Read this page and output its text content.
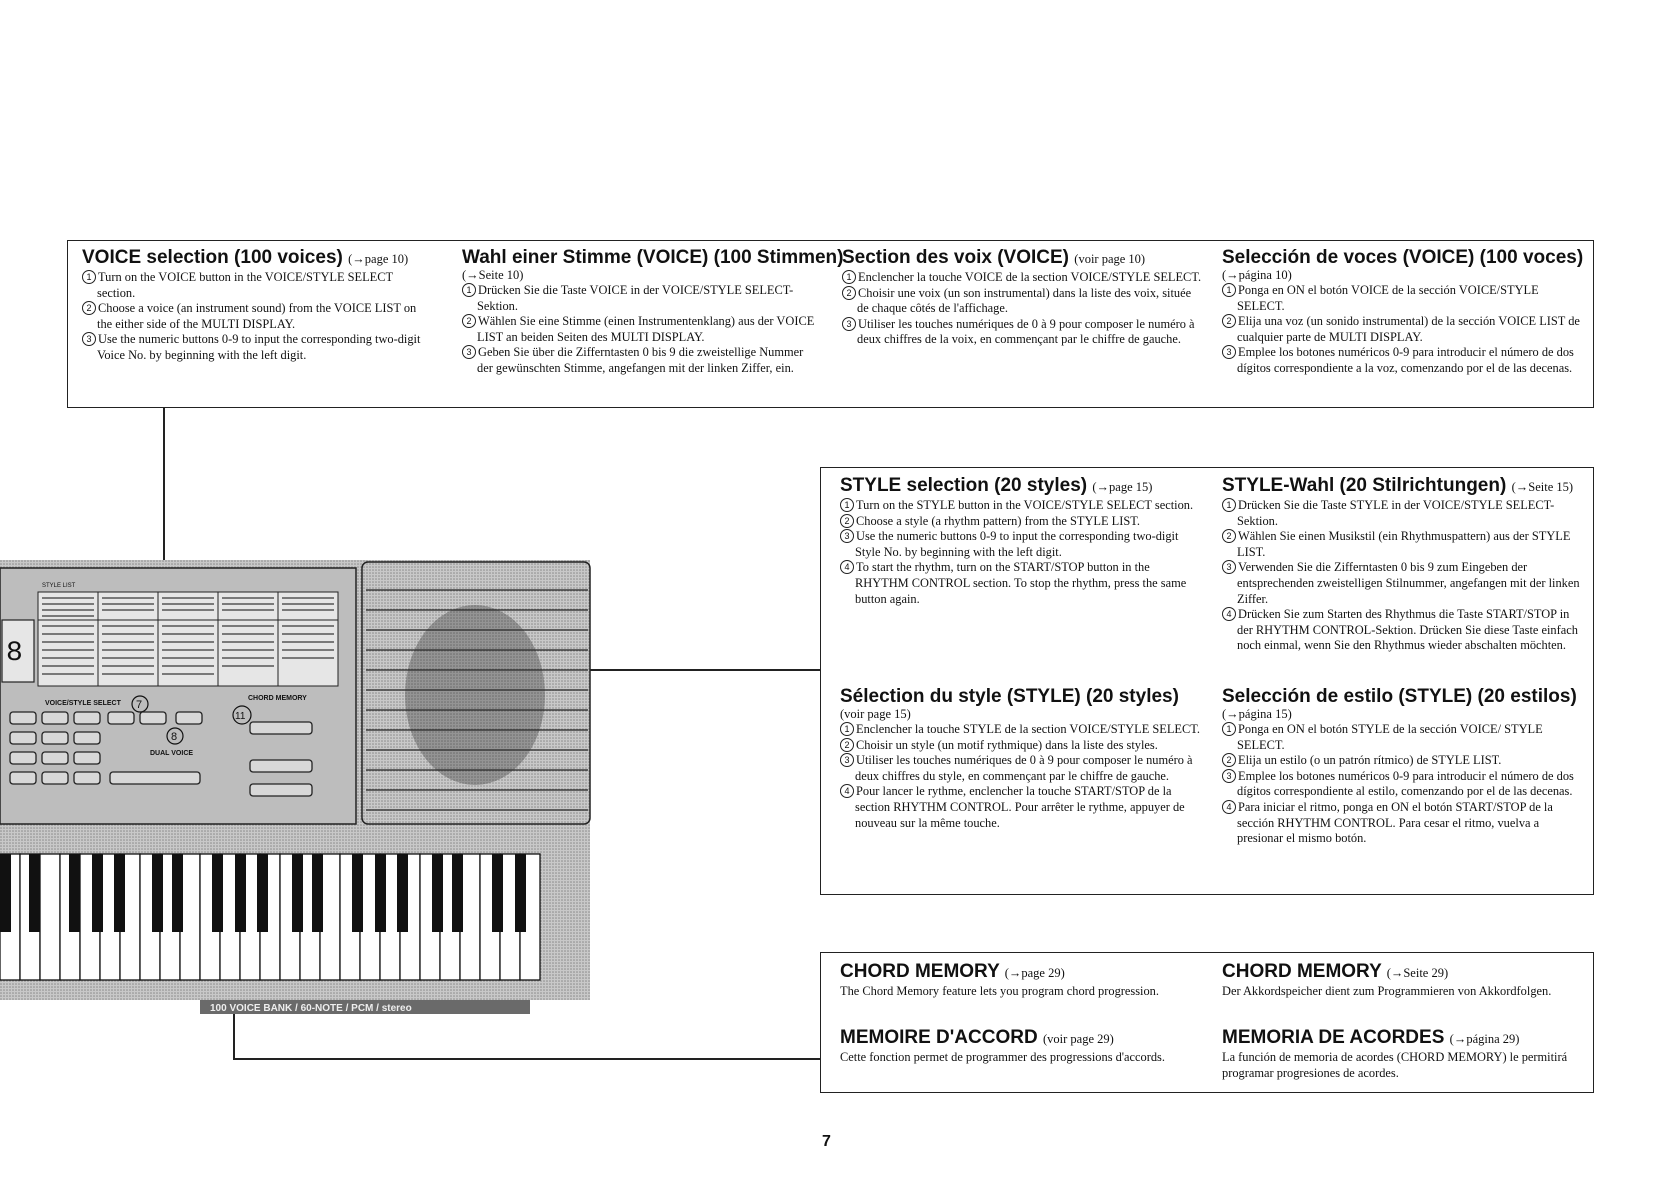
VOICE selection (100 voices) (→page 10)
1 Turn on the VOICE button in the VOICE/STYLE SELECT section.
2 Choose a voice (an instrument sound) from the VOICE LIST on the either side of the MULTI DISPLAY.
3 Use the numeric buttons 0-9 to input the corresponding two-digit Voice No. by beginning with the left digit.
Wahl einer Stimme (VOICE) (100 Stimmen)
(→Seite 10)
1 Drücken Sie die Taste VOICE in der VOICE/STYLE SELECT-Sektion.
2 Wählen Sie eine Stimme (einen Instrumentenklang) aus der VOICE LIST an beiden Seiten des MULTI DISPLAY.
3 Geben Sie über die Zifferntasten 0 bis 9 die zweistellige Nummer der gewünschten Stimme, angefangen mit der linken Ziffer, ein.
Section des voix (VOICE) (voir page 10)
1 Enclencher la touche VOICE de la section VOICE/STYLE SELECT.
2 Choisir une voix (un son instrumental) dans la liste des voix, située de chaque côtés de l'affichage.
3 Utiliser les touches numériques de 0 à 9 pour composer le numéro à deux chiffres de la voix, en commençant par le chiffre de gauche.
Selección de voces (VOICE) (100 voces)
(→página 10)
1 Ponga en ON el botón VOICE de la sección VOICE/STYLE SELECT.
2 Elija una voz (un sonido instrumental) de la sección VOICE LIST de cualquier parte de MULTI DISPLAY.
3 Emplee los botones numéricos 0-9 para introducir el número de dos dígitos correspondiente a la voz, comenzando por el de las decenas.
STYLE selection (20 styles) (→page 15)
1 Turn on the STYLE button in the VOICE/STYLE SELECT section.
2 Choose a style (a rhythm pattern) from the STYLE LIST.
3 Use the numeric buttons 0-9 to input the corresponding two-digit Style No. by beginning with the left digit.
4 To start the rhythm, turn on the START/STOP button in the RHYTHM CONTROL section. To stop the rhythm, press the same button again.
STYLE-Wahl (20 Stilrichtungen) (→Seite 15)
1 Drücken Sie die Taste STYLE in der VOICE/STYLE SELECT-Sektion.
2 Wählen Sie einen Musikstil (ein Rhythmuspattern) aus der STYLE LIST.
3 Verwenden Sie die Zifferntasten 0 bis 9 zum Eingeben der entsprechenden zweistelligen Stilnummer, angefangen mit der linken Ziffer.
4 Drücken Sie zum Starten des Rhythmus die Taste START/STOP in der RHYTHM CONTROL-Sektion. Drücken Sie diese Taste einfach noch einmal, wenn Sie den Rhythmus wieder abschalten möchten.
Sélection du style (STYLE) (20 styles)
(voir page 15)
1 Enclencher la touche STYLE de la section VOICE/STYLE SELECT.
2 Choisir un style (un motif rythmique) dans la liste des styles.
3 Utiliser les touches numériques de 0 à 9 pour composer le numéro à deux chiffres du style, en commençant par le chiffre de gauche.
4 Pour lancer le rythme, enclencher la touche START/STOP de la section RHYTHM CONTROL. Pour arrêter le rythme, appuyer de nouveau sur la même touche.
Selección de estilo (STYLE) (20 estilos)
(→página 15)
1 Ponga en ON el botón STYLE de la sección VOICE/ STYLE SELECT.
2 Elija un estilo (o un patrón rítmico) de STYLE LIST.
3 Emplee los botones numéricos 0-9 para introducir el número de dos dígitos correspondiente al estilo, comenzando por el de las decenas.
4 Para iniciar el ritmo, ponga en ON el botón START/STOP de la sección RHYTHM CONTROL. Para cesar el ritmo, vuelva a presionar el mismo botón.
CHORD MEMORY (→page 29)

The Chord Memory feature lets you program chord progression.

CHORD MEMORY (→Seite 29)

Der Akkordspeicher dient zum Programmieren von Akkordfolgen.

MEMOIRE D'ACCORD (voir page 29)

Cette fonction permet de programmer des progressions d'accords.

MEMORIA DE ACORDES (→página 29)

La función de memoria de acordes (CHORD MEMORY) le permitirá programar progresiones de acordes.

STYLE LIST
8
VOICE/STYLE SELECT
CHORD MEMORY
DUAL VOICE
7
8
11
100 VOICE BANK / 60-NOTE / PCM / stereo
7
